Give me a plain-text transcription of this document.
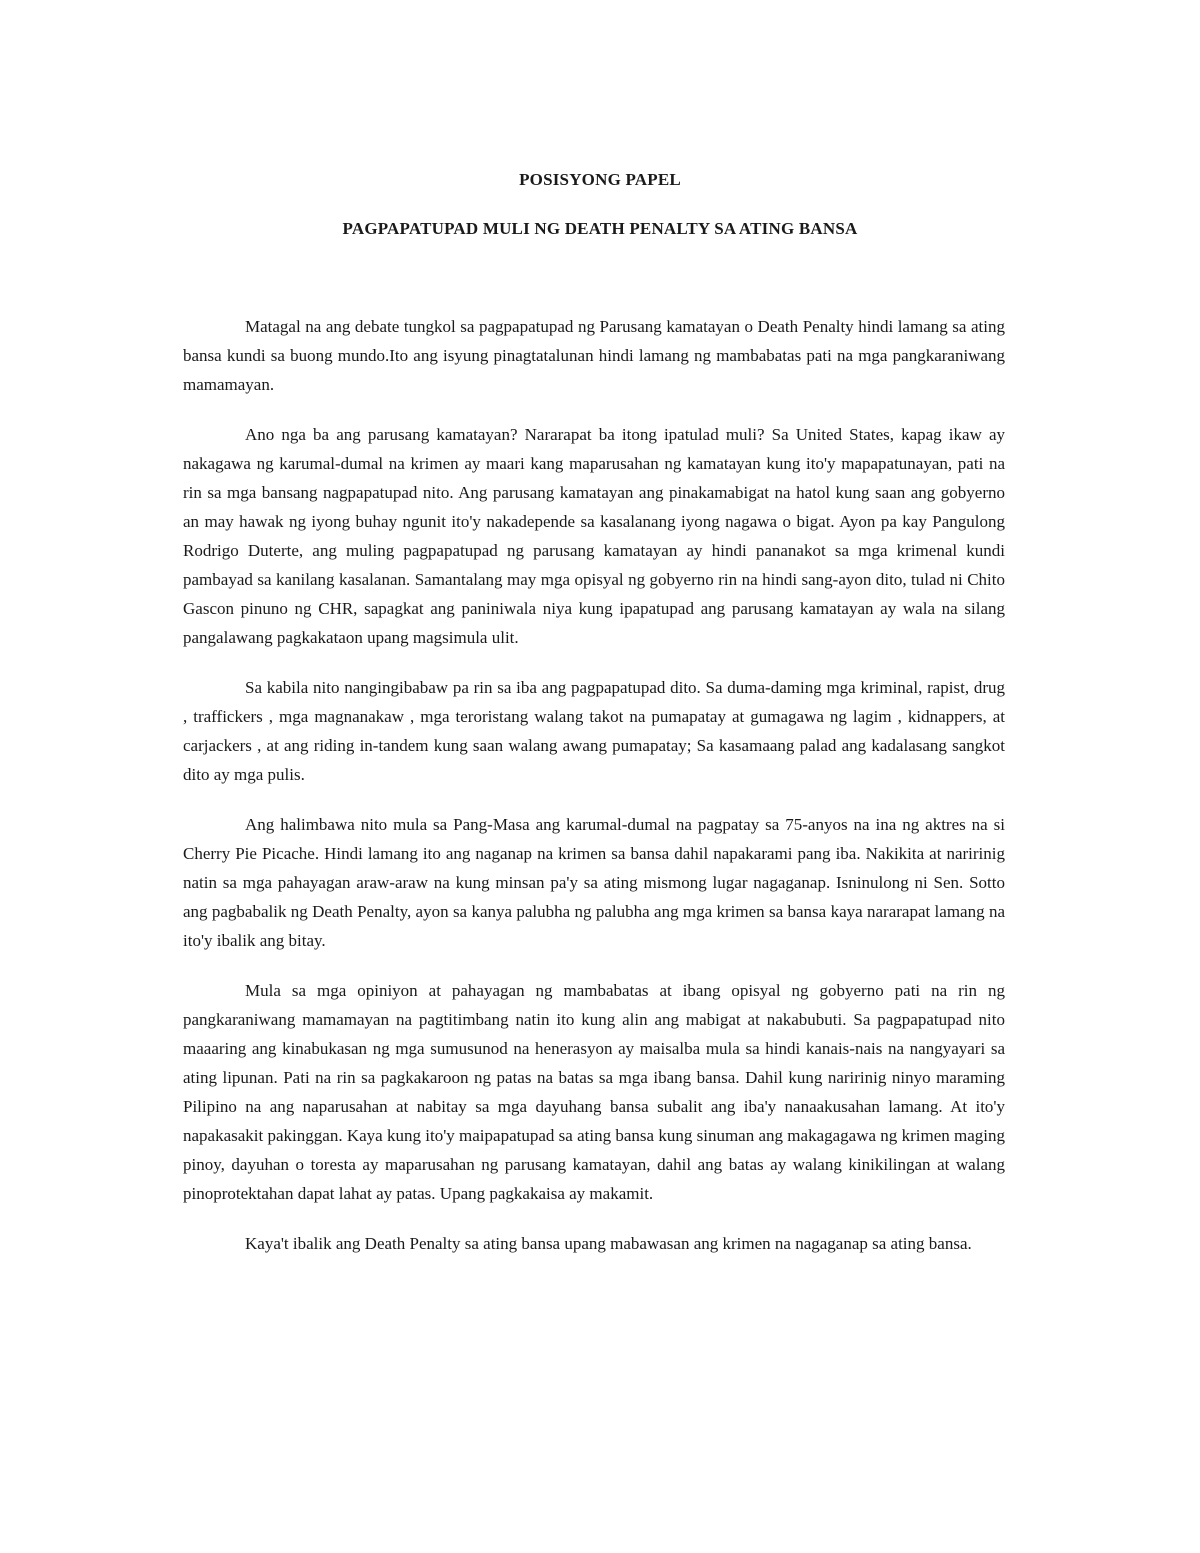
POSISYONG PAPEL
PAGPAPATUPAD MULI NG DEATH PENALTY SA ATING BANSA

Matagal na ang debate tungkol sa pagpapatupad ng Parusang kamatayan o Death Penalty hindi lamang sa ating bansa kundi sa buong mundo.Ito ang isyung pinagtatalunan hindi lamang ng mambabatas pati na mga pangkaraniwang mamamayan.

Ano nga ba ang parusang kamatayan? Nararapat ba itong ipatulad muli? Sa United States, kapag ikaw ay nakagawa ng karumal-dumal na krimen ay maari kang maparusahan ng kamatayan kung ito'y mapapatunayan, pati na rin sa mga bansang nagpapatupad nito. Ang parusang kamatayan ang pinakamabigat na hatol kung saan ang gobyerno an may hawak ng iyong buhay ngunit ito'y nakadepende sa kasalanang iyong nagawa o bigat. Ayon pa kay Pangulong Rodrigo Duterte, ang muling pagpapatupad ng parusang kamatayan ay hindi pananakot sa mga krimenal kundi pambayad sa kanilang kasalanan. Samantalang may mga opisyal ng gobyerno rin na hindi sang-ayon dito, tulad ni Chito Gascon pinuno ng CHR, sapagkat ang paniniwala niya kung ipapatupad ang parusang kamatayan ay wala na silang pangalawang pagkakataon upang magsimula ulit.

Sa kabila nito nangingibabaw pa rin sa iba ang pagpapatupad dito. Sa dumа-daming mga kriminal, rapist, drug , traffickers , mga magnanakaw , mga teroristang walang takot na pumapatay at gumagawa ng lagim , kidnappers, at carjackers , at ang riding in-tandem kung saan walang awang pumapatay; Sa kasamaang palad ang kadalasang sangkot dito ay mga pulis.

Ang halimbawa nito mula sa Pang-Masa ang karumal-dumal na pagpatay sa 75-anyos na ina ng aktres na si Cherry Pie Picache. Hindi lamang ito ang naganap na krimen sa bansa dahil napakarami pang iba. Nakikita at naririnig natin sa mga pahayagan araw-araw na kung minsan pa'y sa ating mismong lugar nagaganap. Isninulong ni Sen. Sotto ang pagbabalik ng Death Penalty, ayon sa kanya palubha ng palubha ang mga krimen sa bansa kaya nararapat lamang na ito'y ibalik ang bitay.

Mula sa mga opiniyon at pahayagan ng mambabatas at ibang opisyal ng gobyerno pati na rin ng pangkaraniwang mamamayan na pagtitimbang natin ito kung alin ang mabigat at nakabubuti. Sa pagpapatupad nito maaaring ang kinabukasan ng mga sumusunod na henerasyon ay maisalba mula sa hindi kanais-nais na nangyayari sa ating lipunan. Pati na rin sa pagkakaroon ng patas na batas sa mga ibang bansa. Dahil kung naririnig ninyo maraming Pilipino na ang naparusahan at nabitay sa mga dayuhang bansa subalit ang iba'y nanaakusahan lamang. At ito'y napakasakit pakinggan. Kaya kung ito'y maipapatupad sa ating bansa kung sinuman ang makagagawa ng krimen maging pinoy, dayuhan o toresta ay maparusahan ng parusang kamatayan, dahil ang batas ay walang kinikilingan at walang pinoprotektahan dapat lahat ay patas. Upang pagkakaisa ay makamit.

Kaya't ibalik ang Death Penalty sa ating bansa upang mabawasan ang krimen na nagaganap sa ating bansa.
